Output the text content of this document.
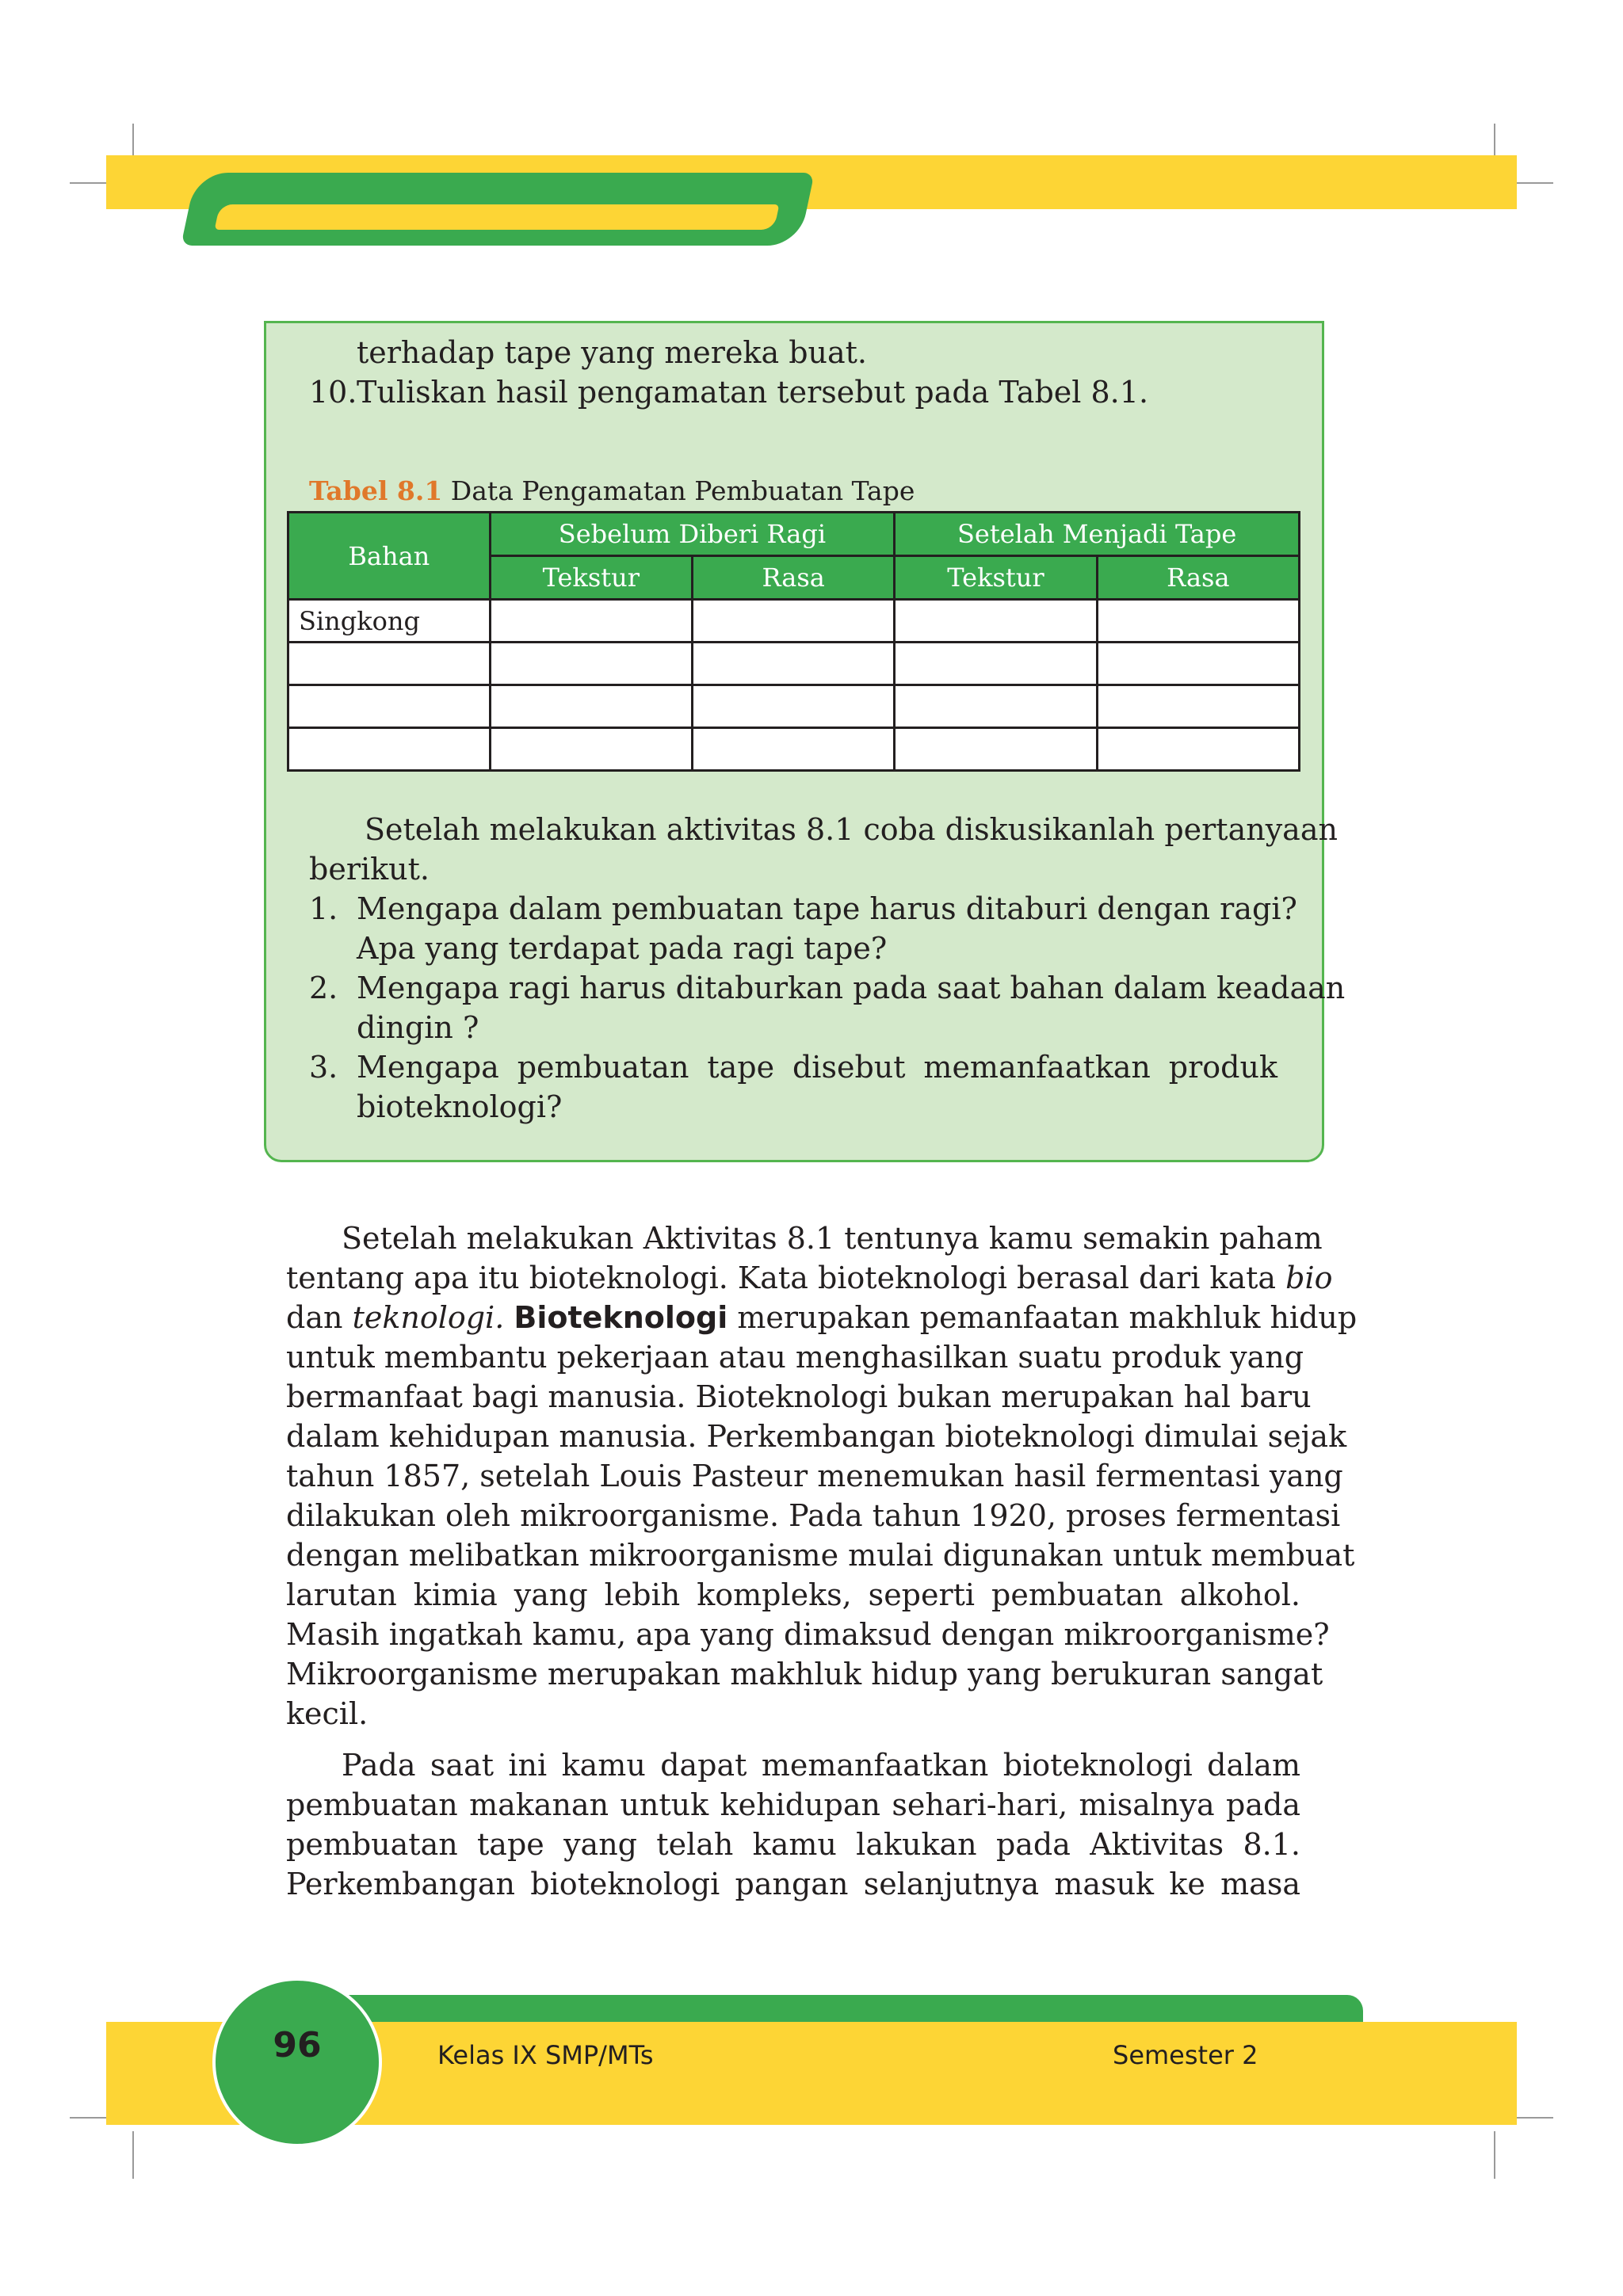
terhadap tape yang mereka buat.
10. Tuliskan hasil pengamatan tersebut pada Tabel 8.1.
Tabel 8.1 Data Pengamatan Pembuatan Tape
Bahan	Sebelum Diberi Ragi		Setelah Menjadi Tape	
	Tekstur	Rasa	Tekstur	Rasa
Singkong				

Setelah melakukan aktivitas 8.1 coba diskusikanlah pertanyaan
berikut.
1. Mengapa dalam pembuatan tape harus ditaburi dengan ragi?
Apa yang terdapat pada ragi tape?
2. Mengapa ragi harus ditaburkan pada saat bahan dalam keadaan
dingin ?
3. Mengapa pembuatan tape disebut memanfaatkan produk
bioteknologi?
Setelah melakukan Aktivitas 8.1 tentunya kamu semakin paham
tentang apa itu bioteknologi. Kata bioteknologi berasal dari kata bio
dan teknologi. Bioteknologi merupakan pemanfaatan makhluk hidup
untuk membantu pekerjaan atau menghasilkan suatu produk yang
bermanfaat bagi manusia. Bioteknologi bukan merupakan hal baru
dalam kehidupan manusia. Perkembangan bioteknologi dimulai sejak
tahun 1857, setelah Louis Pasteur menemukan hasil fermentasi yang
dilakukan oleh mikroorganisme. Pada tahun 1920, proses fermentasi
dengan melibatkan mikroorganisme mulai digunakan untuk membuat
larutan kimia yang lebih kompleks, seperti pembuatan alkohol.
Masih ingatkah kamu, apa yang dimaksud dengan mikroorganisme?
Mikroorganisme merupakan makhluk hidup yang berukuran sangat
kecil.
Pada saat ini kamu dapat memanfaatkan bioteknologi dalam
pembuatan makanan untuk kehidupan sehari-hari, misalnya pada
pembuatan tape yang telah kamu lakukan pada Aktivitas 8.1.
Perkembangan bioteknologi pangan selanjutnya masuk ke masa
96	Kelas IX SMP/MTs	Semester 2
